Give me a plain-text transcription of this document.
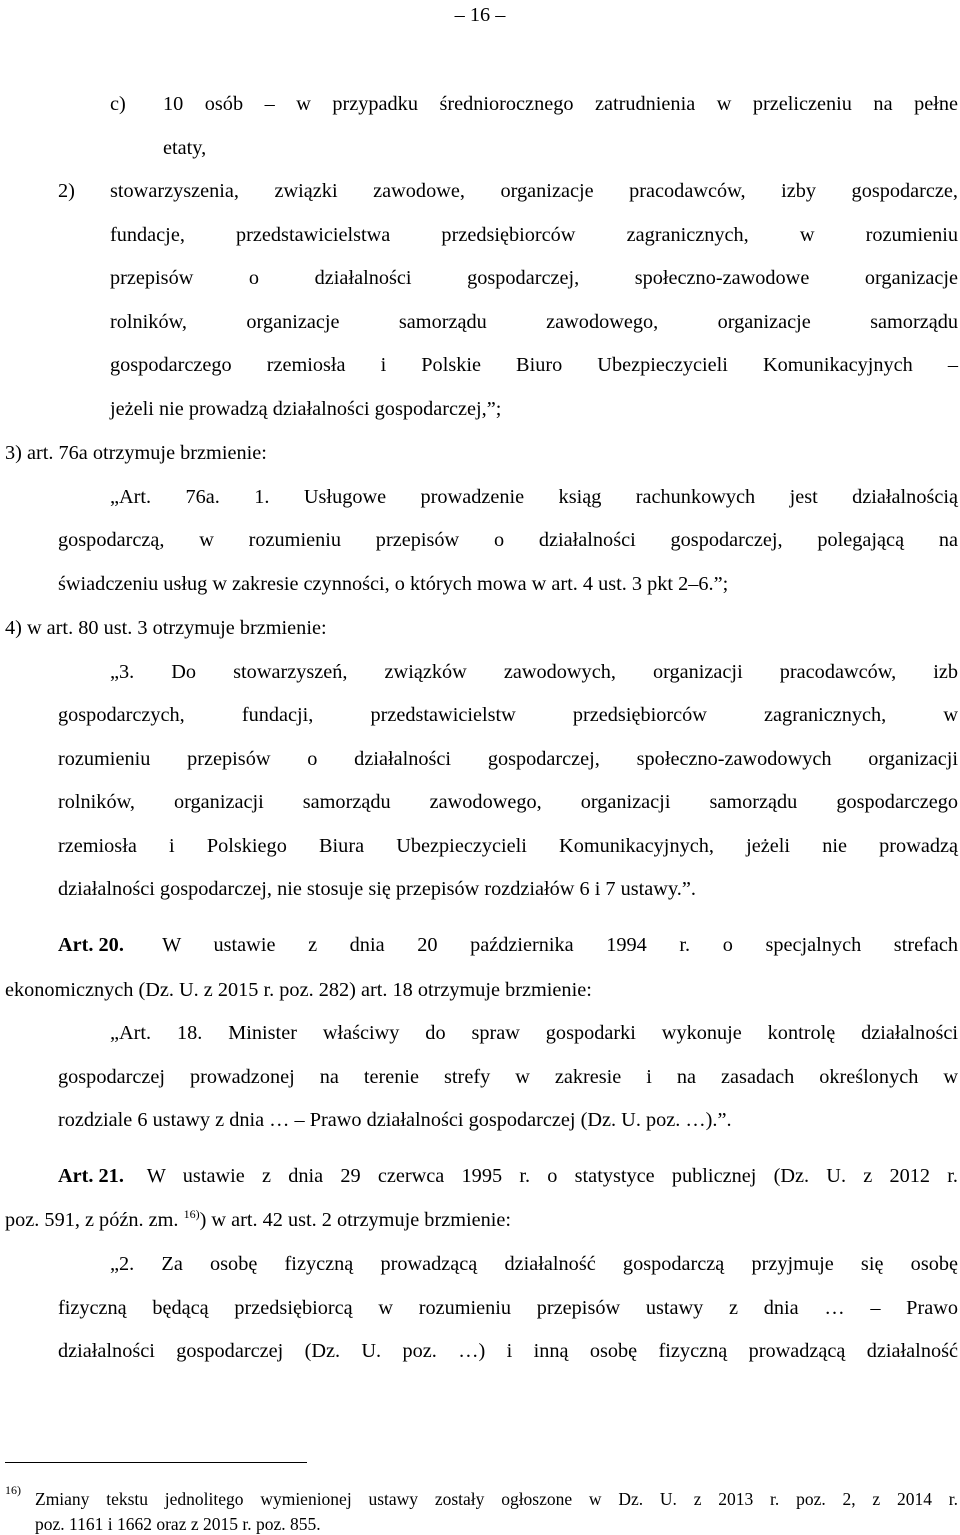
– 16 –
c) 10 osób – w przypadku średniorocznego zatrudnienia w przeliczeniu na pełne
etaty,
2) stowarzyszenia, związki zawodowe, organizacje pracodawców, izby gospodarcze,
fundacje, przedstawicielstwa przedsiębiorców zagranicznych, w rozumieniu
przepisów o działalności gospodarczej, społeczno-zawodowe organizacje
rolników, organizacje samorządu zawodowego, organizacje samorządu
gospodarczego rzemiosła i Polskie Biuro Ubezpieczycieli Komunikacyjnych –
jeżeli nie prowadzą działalności gospodarczej,”;
3) art. 76a otrzymuje brzmienie:
„Art. 76a. 1. Usługowe prowadzenie ksiąg rachunkowych jest działalnością
gospodarczą, w rozumieniu przepisów o działalności gospodarczej, polegającą na
świadczeniu usług w zakresie czynności, o których mowa w art. 4 ust. 3 pkt 2–6.”;
4) w art. 80 ust. 3 otrzymuje brzmienie:
„3. Do stowarzyszeń, związków zawodowych, organizacji pracodawców, izb
gospodarczych, fundacji, przedstawicielstw przedsiębiorców zagranicznych, w
rozumieniu przepisów o działalności gospodarczej, społeczno-zawodowych organizacji
rolników, organizacji samorządu zawodowego, organizacji samorządu gospodarczego
rzemiosła i Polskiego Biura Ubezpieczycieli Komunikacyjnych, jeżeli nie prowadzą
działalności gospodarczej, nie stosuje się przepisów rozdziałów 6 i 7 ustawy.”.
Art. 20. W ustawie z dnia 20 października 1994 r. o specjalnych strefach
ekonomicznych (Dz. U. z 2015 r. poz. 282) art. 18 otrzymuje brzmienie:
„Art. 18. Minister właściwy do spraw gospodarki wykonuje kontrolę działalności
gospodarczej prowadzonej na terenie strefy w zakresie i na zasadach określonych w
rozdziale 6 ustawy z dnia … – Prawo działalności gospodarczej (Dz. U. poz. …).”.
Art. 21. W ustawie z dnia 29 czerwca 1995 r. o statystyce publicznej (Dz. U. z 2012 r.
poz. 591, z późn. zm. $^{16)}$) w art. 42 ust. 2 otrzymuje brzmienie:
„2. Za osobę fizyczną prowadzącą działalność gospodarczą przyjmuje się osobę
fizyczną będącą przedsiębiorcą w rozumieniu przepisów ustawy z dnia … – Prawo
działalności gospodarczej (Dz. U. poz. …) i inną osobę fizyczną prowadzącą działalność
16) Zmiany tekstu jednolitego wymienionej ustawy zostały ogłoszone w Dz. U. z 2013 r. poz. 2, z 2014 r.
poz. 1161 i 1662 oraz z 2015 r. poz. 855.
